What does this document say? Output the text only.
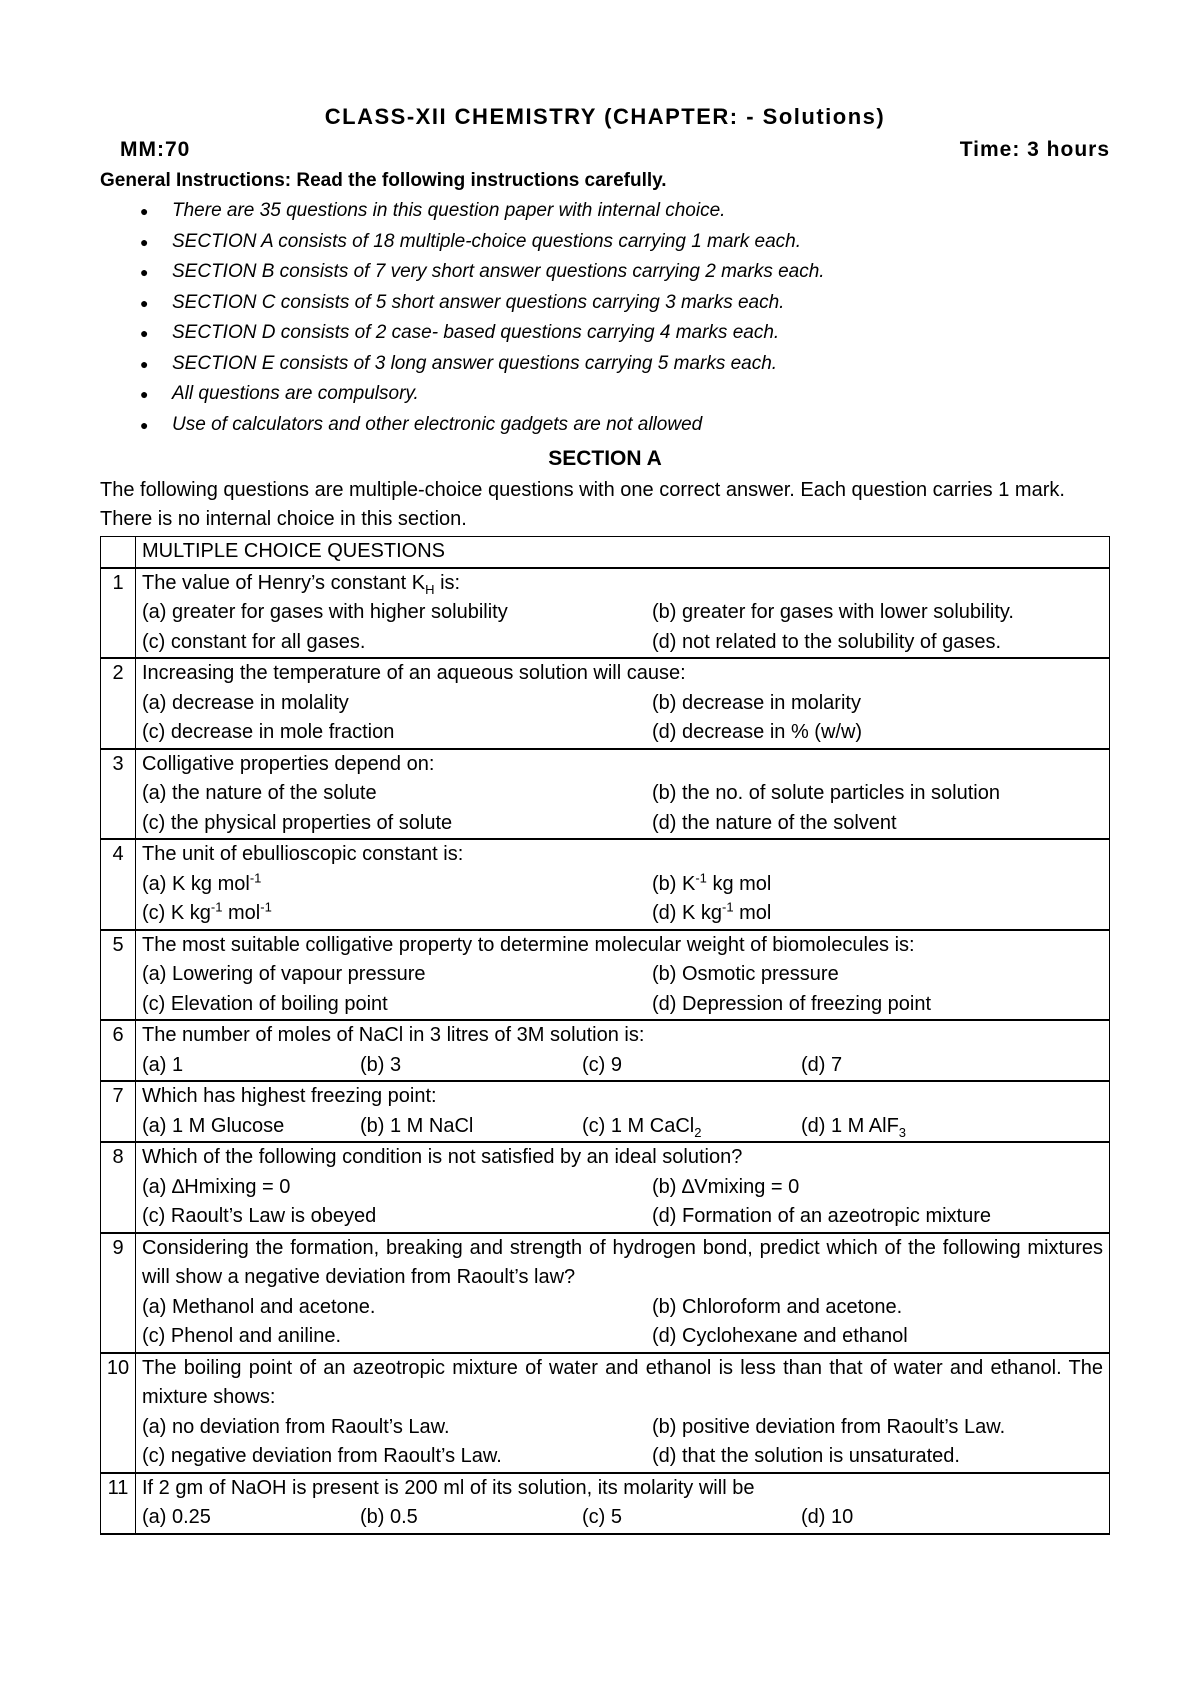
CLASS-XII CHEMISTRY (CHAPTER: - Solutions)
MM:70	Time: 3 hours
General Instructions: Read the following instructions carefully.
● There are 35 questions in this question paper with internal choice.
● SECTION A consists of 18 multiple-choice questions carrying 1 mark each.
● SECTION B consists of 7 very short answer questions carrying 2 marks each.
● SECTION C consists of 5 short answer questions carrying 3 marks each.
● SECTION D consists of 2 case- based questions carrying 4 marks each.
● SECTION E consists of 3 long answer questions carrying 5 marks each.
● All questions are compulsory.
● Use of calculators and other electronic gadgets are not allowed
SECTION A

The following questions are multiple-choice questions with one correct answer. Each question carries 1 mark. There is no internal choice in this section.

	MULTIPLE CHOICE QUESTIONS
1	The value of Henry’s constant $K_H$ is:
(a) greater for gases with higher solubility (b) greater for gases with lower solubility.
(c) constant for all gases. (d) not related to the solubility of gases.

2	Increasing the temperature of an aqueous solution will cause:
(a) decrease in molality (b) decrease in molarity
(c) decrease in mole fraction (d) decrease in % (w/w)

3	Colligative properties depend on:
(a) the nature of the solute (b) the no. of solute particles in solution
(c) the physical properties of solute (d) the nature of the solvent

4	The unit of ebullioscopic constant is:
(a) K kg mol$^{-1}$ (b) $K^{-1}$ kg mol
(c) K $kg^{-1}$ mol$^{-1}$ (d) K $kg^{-1}$ mol

5	The most suitable colligative property to determine molecular weight of biomolecules is:
(a) Lowering of vapour pressure (b) Osmotic pressure
(c) Elevation of boiling point (d) Depression of freezing point

6	The number of moles of NaCl in 3 litres of 3M solution is:
(a) 1 (b) 3 (c) 9 (d) 7

7	Which has highest freezing point:
(a) 1 M Glucose (b) 1 M NaCl (c) 1 M CaCl$_2$ (d) 1 M AlF$_3$

8	Which of the following condition is not satisfied by an ideal solution?
(a) ∆Hmixing = 0 (b) ∆Vmixing = 0
(c) Raoult’s Law is obeyed (d) Formation of an azeotropic mixture

9	Considering the formation, breaking and strength of hydrogen bond, predict which of the following mixtures will show a negative deviation from Raoult’s law?
(a) Methanol and acetone. (b) Chloroform and acetone.
(c) Phenol and aniline. (d) Cyclohexane and ethanol

10	The boiling point of an azeotropic mixture of water and ethanol is less than that of water and ethanol. The mixture shows:
(a) no deviation from Raoult’s Law. (b) positive deviation from Raoult’s Law.
(c) negative deviation from Raoult’s Law. (d) that the solution is unsaturated.

11	If 2 gm of NaOH is present is 200 ml of its solution, its molarity will be
(a) 0.25 (b) 0.5 (c) 5 (d) 10
